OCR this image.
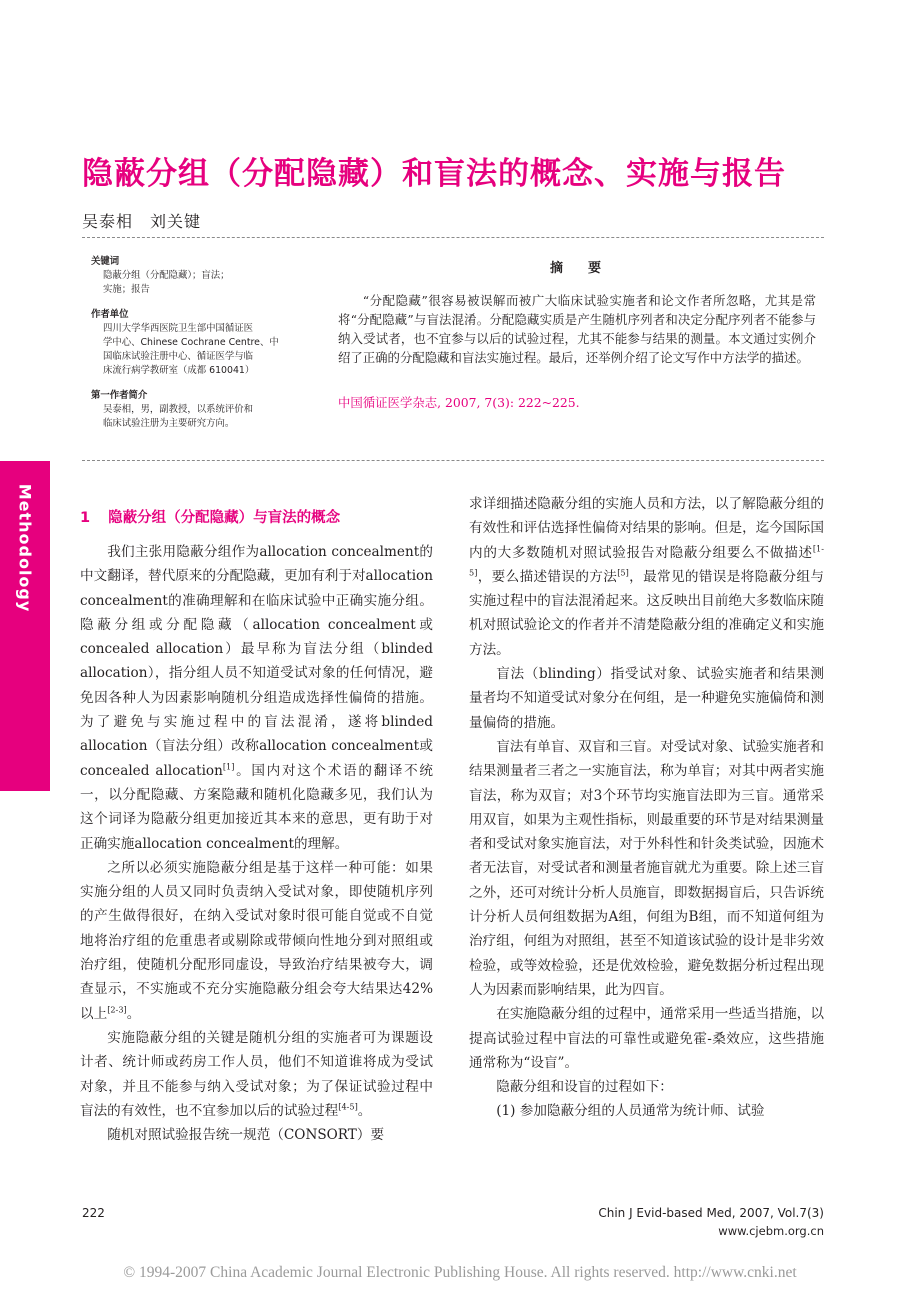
隐蔽分组（分配隐藏）和盲法的概念、实施与报告
吴泰相　刘关键
关键词
隐蔽分组（分配隐藏）；盲法；
实施；报告
作者单位
四川大学华西医院卫生部中国循证医
学中心、Chinese Cochrane Centre、中
国临床试验注册中心、循证医学与临
床流行病学教研室（成都 610041）
第一作者简介
吴泰相，男，副教授，以系统评价和
临床试验注册为主要研究方向。
摘　要

“分配隐藏”很容易被误解而被广大临床试验实施者和论文作者所忽略，尤其是常将“分配隐藏”与盲法混淆。分配隐藏实质是产生随机序列者和决定分配序列者不能参与纳入受试者，也不宜参与以后的试验过程，尤其不能参与结果的测量。本文通过实例介绍了正确的分配隐藏和盲法实施过程。最后，还举例介绍了论文写作中方法学的描述。

中国循证医学杂志, 2007, 7(3): 222~225.
Methodology	1 隐蔽分组（分配隐藏）与盲法的概念

我们主张用隐蔽分组作为allocation concealment的中文翻译，替代原来的分配隐藏，更加有利于对allocation concealment的准确理解和在临床试验中正确实施分组。隐蔽分组或分配隐藏（allocation concealment或concealed allocation）最早称为盲法分组（blinded allocation），指分组人员不知道受试对象的任何情况，避免因各种人为因素影响随机分组造成选择性偏倚的措施。为了避免与实施过程中的盲法混淆，遂将blinded allocation（盲法分组）改称allocation concealment或concealed allocation[1]。国内对这个术语的翻译不统一，以分配隐藏、方案隐藏和随机化隐藏多见，我们认为这个词译为隐蔽分组更加接近其本来的意思，更有助于对正确实施allocation concealment的理解。

之所以必须实施隐蔽分组是基于这样一种可能：如果实施分组的人员又同时负责纳入受试对象，即使随机序列的产生做得很好，在纳入受试对象时很可能自觉或不自觉地将治疗组的危重患者或剔除或带倾向性地分到对照组或治疗组，使随机分配形同虚设，导致治疗结果被夸大，调查显示，不实施或不充分实施隐蔽分组会夸大结果达42%以上[2-3]。

实施隐蔽分组的关键是随机分组的实施者可为课题设计者、统计师或药房工作人员，他们不知道谁将成为受试对象，并且不能参与纳入受试对象；为了保证试验过程中盲法的有效性，也不宜参加以后的试验过程[4-5]。

随机对照试验报告统一规范（CONSORT）要

求详细描述隐蔽分组的实施人员和方法，以了解隐蔽分组的有效性和评估选择性偏倚对结果的影响。但是，迄今国际国内的大多数随机对照试验报告对隐蔽分组要么不做描述[1-5]，要么描述错误的方法[5]，最常见的错误是将隐蔽分组与实施过程中的盲法混淆起来。这反映出目前绝大多数临床随机对照试验论文的作者并不清楚隐蔽分组的准确定义和实施方法。

盲法（blinding）指受试对象、试验实施者和结果测量者均不知道受试对象分在何组，是一种避免实施偏倚和测量偏倚的措施。

盲法有单盲、双盲和三盲。对受试对象、试验实施者和结果测量者三者之一实施盲法，称为单盲；对其中两者实施盲法，称为双盲；对3个环节均实施盲法即为三盲。通常采用双盲，如果为主观性指标，则最重要的环节是对结果测量者和受试对象实施盲法，对于外科性和针灸类试验，因施术者无法盲，对受试者和测量者施盲就尤为重要。除上述三盲之外，还可对统计分析人员施盲，即数据揭盲后，只告诉统计分析人员何组数据为A组，何组为B组，而不知道何组为治疗组，何组为对照组，甚至不知道该试验的设计是非劣效检验，或等效检验，还是优效检验，避免数据分析过程出现人为因素而影响结果，此为四盲。

在实施隐蔽分组的过程中，通常采用一些适当措施，以提高试验过程中盲法的可靠性或避免霍-桑效应，这些措施通常称为“设盲”。

隐蔽分组和设盲的过程如下：

(1) 参加隐蔽分组的人员通常为统计师、试验

222	Chin J Evid-based Med, 2007, Vol.7(3)
www.cjebm.org.cn
© 1994-2007 China Academic Journal Electronic Publishing House. All rights reserved. http://www.cnki.net
